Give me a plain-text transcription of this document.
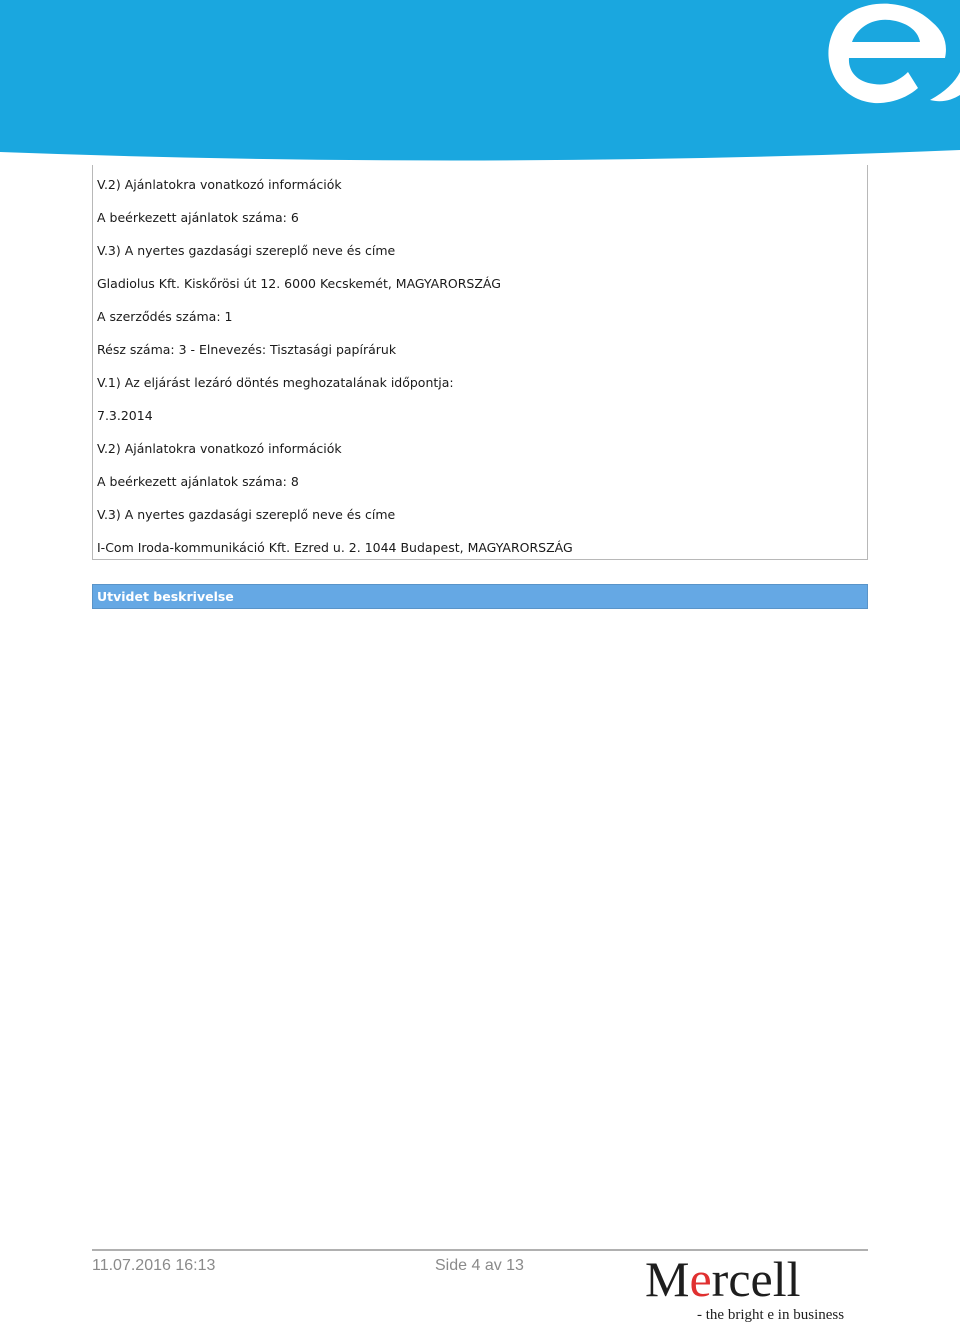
V.2) Ajánlatokra vonatkozó információk
A beérkezett ajánlatok száma: 6
V.3) A nyertes gazdasági szereplő neve és címe
Gladiolus Kft. Kiskőrösi út 12. 6000 Kecskemét, MAGYARORSZÁG
A szerződés száma: 1
Rész száma: 3 - Elnevezés: Tisztasági papíráruk
V.1) Az eljárást lezáró döntés meghozatalának időpontja:
7.3.2014
V.2) Ajánlatokra vonatkozó információk
A beérkezett ajánlatok száma: 8
V.3) A nyertes gazdasági szereplő neve és címe
I-Com Iroda-kommunikáció Kft. Ezred u. 2. 1044 Budapest, MAGYARORSZÁG
Utvidet beskrivelse
11.07.2016 16:13	Side 4 av 13 Mercell
- the bright e in business
